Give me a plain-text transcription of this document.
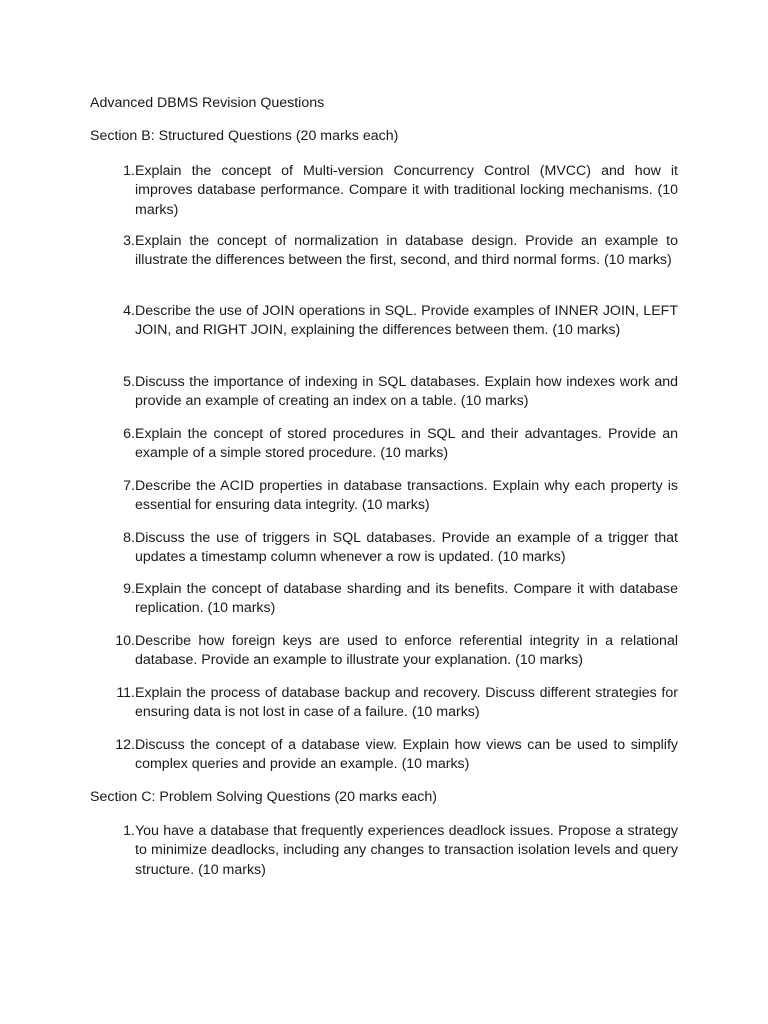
Advanced DBMS Revision Questions
Section B: Structured Questions (20 marks each)
1. Explain the concept of Multi-version Concurrency Control (MVCC) and how it improves database performance. Compare it with traditional locking mechanisms. (10 marks)
3. Explain the concept of normalization in database design. Provide an example to illustrate the differences between the first, second, and third normal forms. (10 marks)
4. Describe the use of JOIN operations in SQL. Provide examples of INNER JOIN, LEFT JOIN, and RIGHT JOIN, explaining the differences between them. (10 marks)
5. Discuss the importance of indexing in SQL databases. Explain how indexes work and provide an example of creating an index on a table. (10 marks)
6. Explain the concept of stored procedures in SQL and their advantages. Provide an example of a simple stored procedure. (10 marks)
7. Describe the ACID properties in database transactions. Explain why each property is essential for ensuring data integrity. (10 marks)
8. Discuss the use of triggers in SQL databases. Provide an example of a trigger that updates a timestamp column whenever a row is updated. (10 marks)
9. Explain the concept of database sharding and its benefits. Compare it with database replication. (10 marks)
10. Describe how foreign keys are used to enforce referential integrity in a relational database. Provide an example to illustrate your explanation. (10 marks)
11. Explain the process of database backup and recovery. Discuss different strategies for ensuring data is not lost in case of a failure. (10 marks)
12. Discuss the concept of a database view. Explain how views can be used to simplify complex queries and provide an example. (10 marks)
Section C: Problem Solving Questions (20 marks each)
1. You have a database that frequently experiences deadlock issues. Propose a strategy to minimize deadlocks, including any changes to transaction isolation levels and query structure. (10 marks)
